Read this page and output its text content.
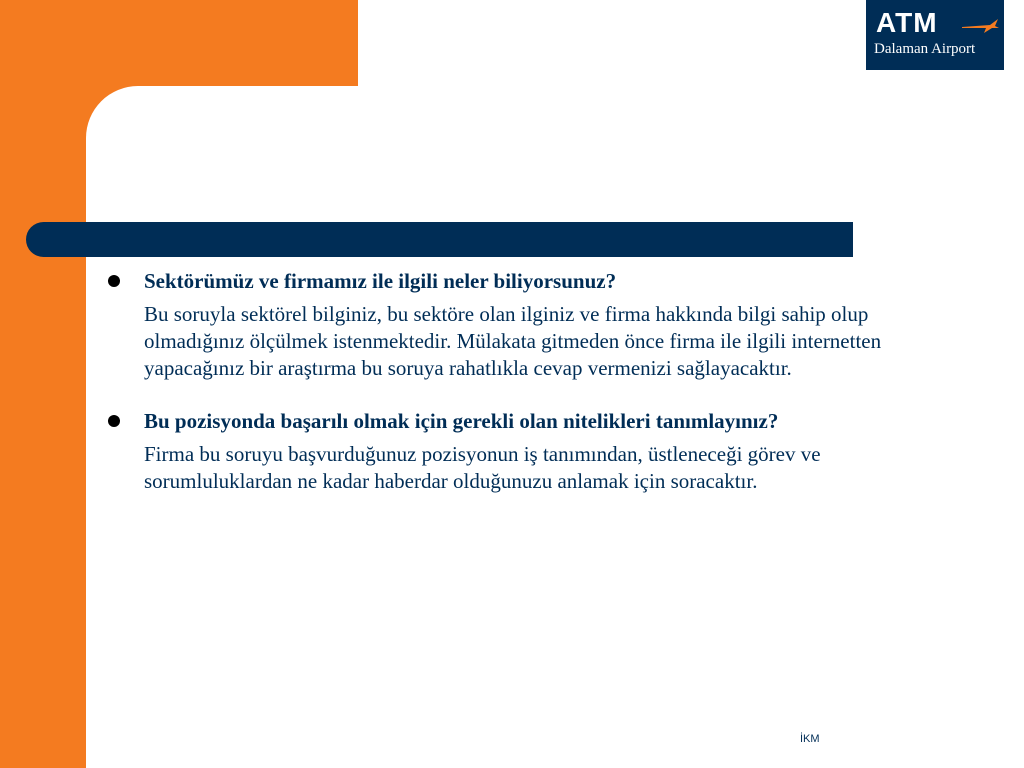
ATM
Dalaman Airport
Sektörümüz ve firmamız ile ilgili neler biliyorsunuz?
Bu soruyla sektörel bilginiz, bu sektöre olan ilginiz ve firma hakkında bilgi sahip olup olmadığınız ölçülmek istenmektedir. Mülakata gitmeden önce firma ile ilgili internetten yapacağınız bir araştırma bu soruya rahatlıkla cevap vermenizi sağlayacaktır.
Bu pozisyonda başarılı olmak için gerekli olan nitelikleri tanımlayınız?
Firma bu soruyu başvurduğunuz pozisyonun iş tanımından, üstleneceği görev ve sorumluluklardan ne kadar haberdar olduğunuzu anlamak için soracaktır.
İKM
